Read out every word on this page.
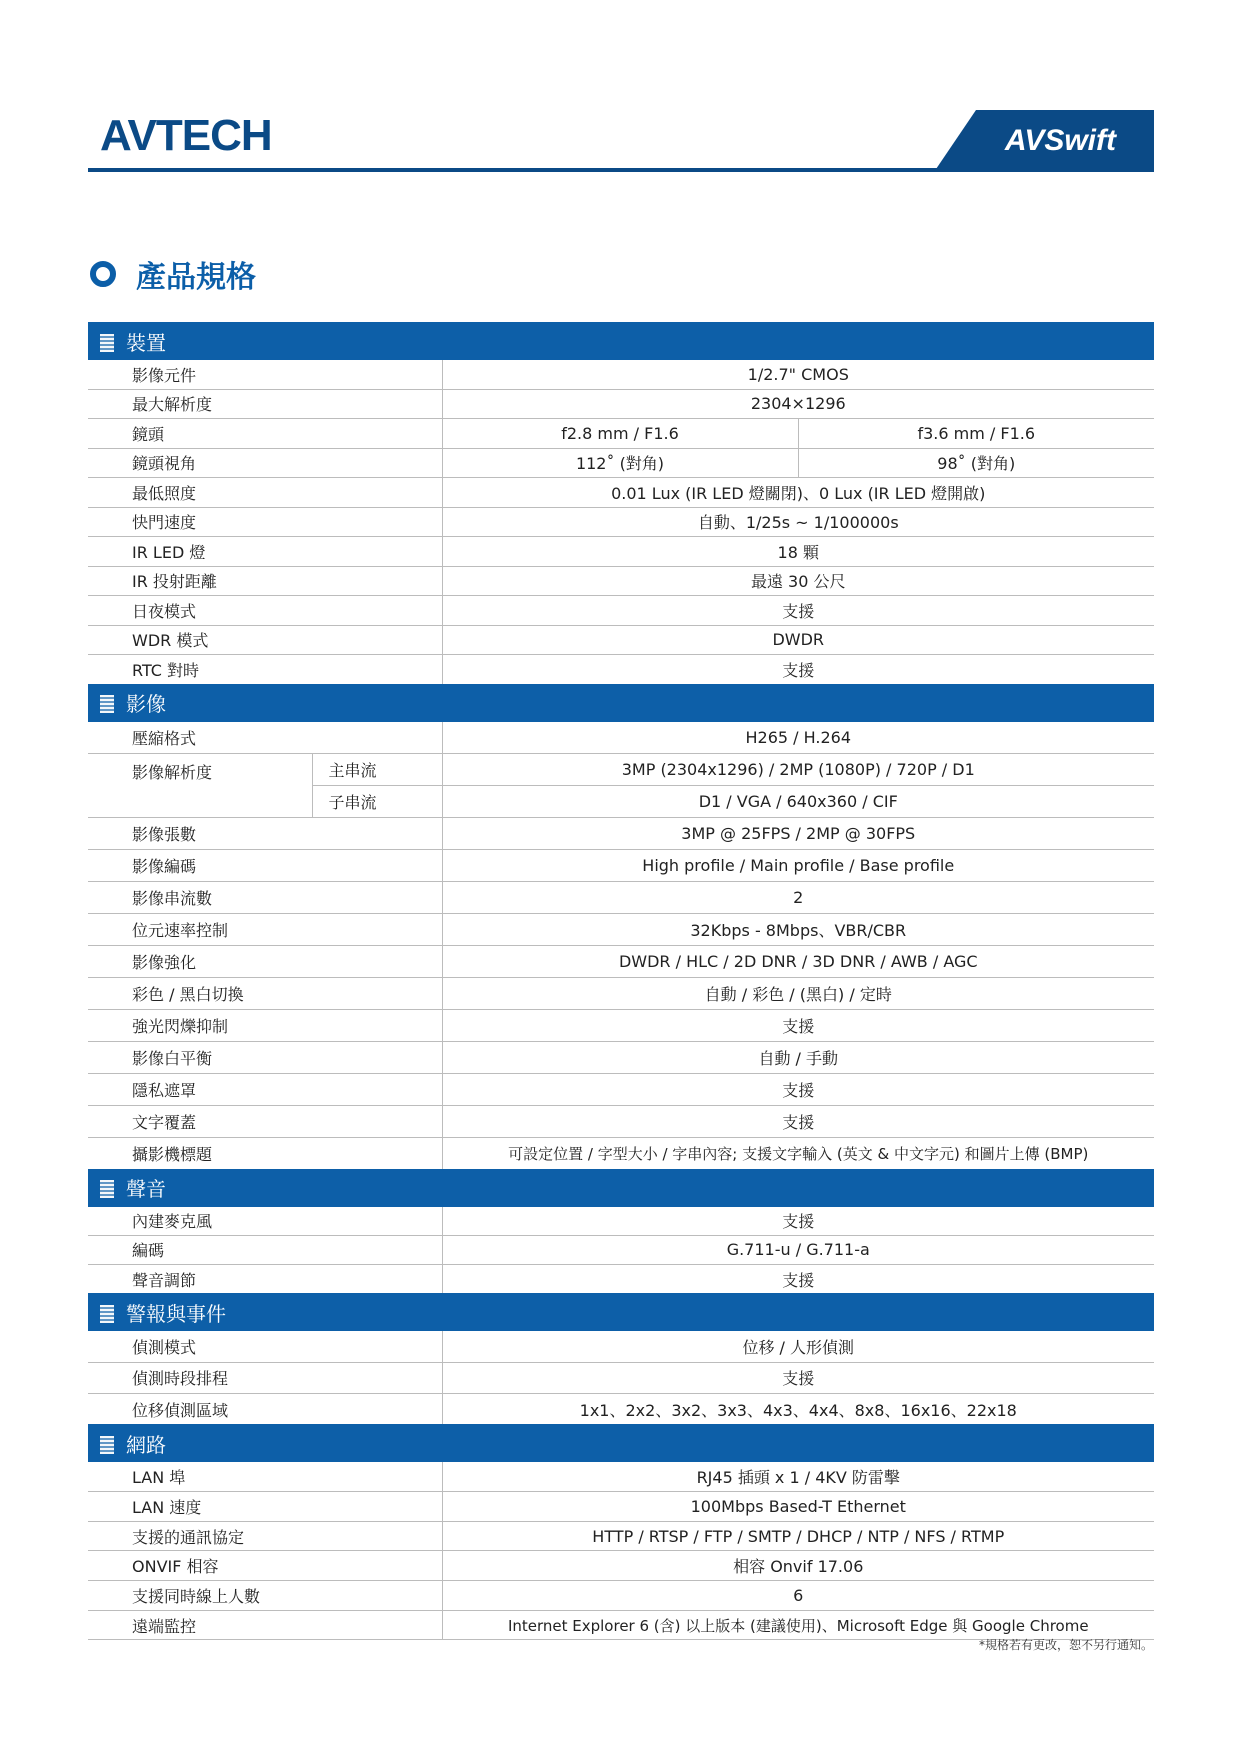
AVTECH	AVSwift
產品規格
裝置			
影像元件		1/2.7" CMOS	
最大解析度		2304×1296	
鏡頭		f2.8 mm / F1.6	f3.6 mm / F1.6
鏡頭視角		112˚ (對角)	98˚ (對角)
最低照度		0.01 Lux (IR LED 燈關閉)、0 Lux (IR LED 燈開啟)	
快門速度		自動、1/25s ~ 1/100000s	
IR LED 燈		18 顆	
IR 投射距離		最遠 30 公尺	
日夜模式		支援	
WDR 模式		DWDR	
RTC 對時		支援	
影像			
壓縮格式		H265 / H.264	
影像解析度	主串流	3MP (2304x1296) / 2MP (1080P) / 720P / D1	
	子串流	D1 / VGA / 640x360 / CIF	
影像張數		3MP @ 25FPS / 2MP @ 30FPS	
影像編碼		High profile / Main profile / Base profile	
影像串流數		2	
位元速率控制		32Kbps - 8Mbps、VBR/CBR	
影像強化		DWDR / HLC / 2D DNR / 3D DNR / AWB / AGC	
彩色 / 黑白切換		自動 / 彩色 / (黑白) / 定時	
強光閃爍抑制		支援	
影像白平衡		自動 / 手動	
隱私遮罩		支援	
文字覆蓋		支援	
攝影機標題		可設定位置 / 字型大小 / 字串內容; 支援文字輸入 (英文 & 中文字元) 和圖片上傳 (BMP)	
聲音			
內建麥克風		支援	
編碼		G.711-u / G.711-a	
聲音調節		支援	
警報與事件			
偵測模式		位移 / 人形偵測	
偵測時段排程		支援	
位移偵測區域		1x1、2x2、3x2、3x3、4x3、4x4、8x8、16x16、22x18	
網路			
LAN 埠		RJ45 插頭 x 1 / 4KV 防雷擊	
LAN 速度		100Mbps Based-T Ethernet	
支援的通訊協定		HTTP / RTSP / FTP / SMTP / DHCP / NTP / NFS / RTMP	
ONVIF 相容		相容 Onvif 17.06	
支援同時線上人數		6	
遠端監控		Internet Explorer 6 (含) 以上版本 (建議使用)、Microsoft Edge 與 Google Chrome	
*規格若有更改，恕不另行通知。
